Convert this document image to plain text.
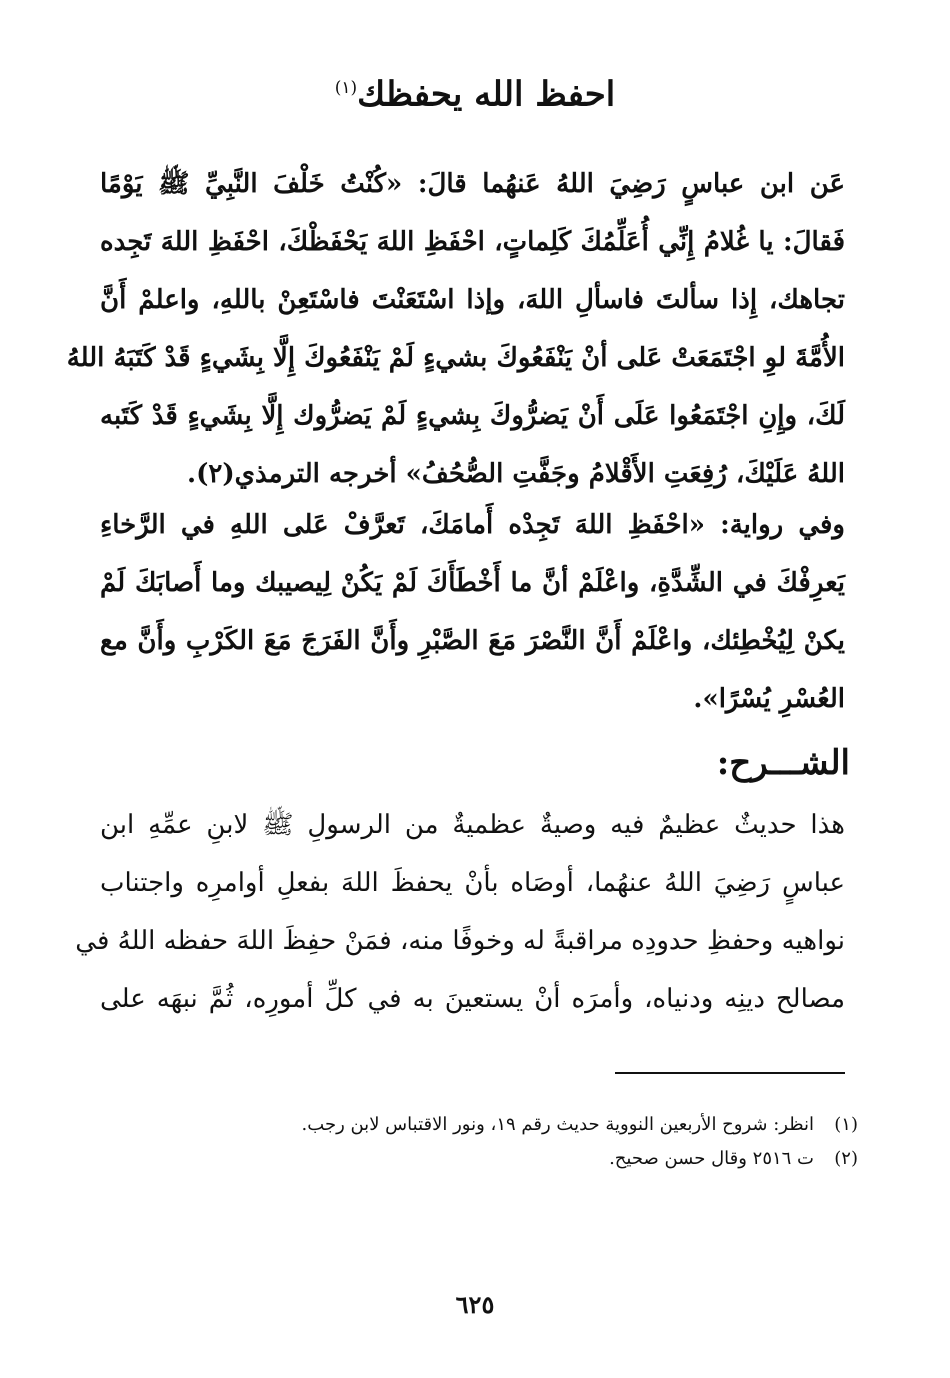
احفظ الله يحفظك$^{(١)}$
عَن ابن عباسٍ رَضِيَ اللهُ عَنهُما قالَ: «كُنْتُ خَلْفَ النَّبِيِّ ﷺ يَوْمًا
فَقالَ: يا غُلامُ إِنِّي أُعَلِّمُكَ كَلِماتٍ، احْفَظِ اللهَ يَحْفَظْكَ، احْفَظِ اللهَ تَجِده
تجاهك، إِذا سألتَ فاسألِ اللهَ، وإذا اسْتَعَنْتَ فاسْتَعِنْ باللهِ، واعلمْ أَنَّ
الأُمَّةَ لوِ اجْتَمَعَتْ عَلى أنْ يَنْفَعُوكَ بشيءٍ لَمْ يَنْفَعُوكَ إِلَّا بِشَيءٍ قَدْ كَتَبَهُ اللهُ
لَكَ، وإِنِ اجْتَمَعُوا عَلَى أَنْ يَضرُّوكَ بِشيءٍ لَمْ يَضرُّوك إِلَّا بِشَيءٍ قَدْ كَتَبه
اللهُ عَلَيْكَ، رُفِعَتِ الأَقْلامُ وجَفَّتِ الصُّحُفُ» أخرجه الترمذي(٢).
وفي رواية: «احْفَظِ اللهَ تَجِدْه أَمامَكَ، تَعرَّفْ عَلى اللهِ في الرَّخاءِ
يَعرِفْكَ في الشِّدَّةِ، واعْلَمْ أنَّ ما أَخْطَأَكَ لَمْ يَكُنْ لِيصيبك وما أَصابَكَ لَمْ
يكنْ لِيُخْطِئك، واعْلَمْ أَنَّ النَّصْرَ مَعَ الصَّبْرِ وأَنَّ الفَرَجَ مَعَ الكَرْبِ وأَنَّ مع
العُسْرِ يُسْرًا».
الشـــرح:
هذا حديثٌ عظيمٌ فيه وصيةٌ عظميةٌ من الرسولِ ﷺ لابنِ عمِّهِ ابن
عباسٍ رَضِيَ اللهُ عنهُما، أوصَاه بأنْ يحفظَ اللهَ بفعلِ أوامرِه واجتناب
نواهيه وحفظِ حدودِه مراقبةً له وخوفًا منه، فمَنْ حفِظَ اللهَ حفظه اللهُ في
مصالح دينِه ودنياه، وأمرَه أنْ يستعينَ به في كلِّ أمورِه، ثُمَّ نبهَه على
(١)انظر: شروح الأربعين النووية حديث رقم ١٩، ونور الاقتباس لابن رجب.
(٢)ت ٢٥١٦ وقال حسن صحيح.
٦٢٥
